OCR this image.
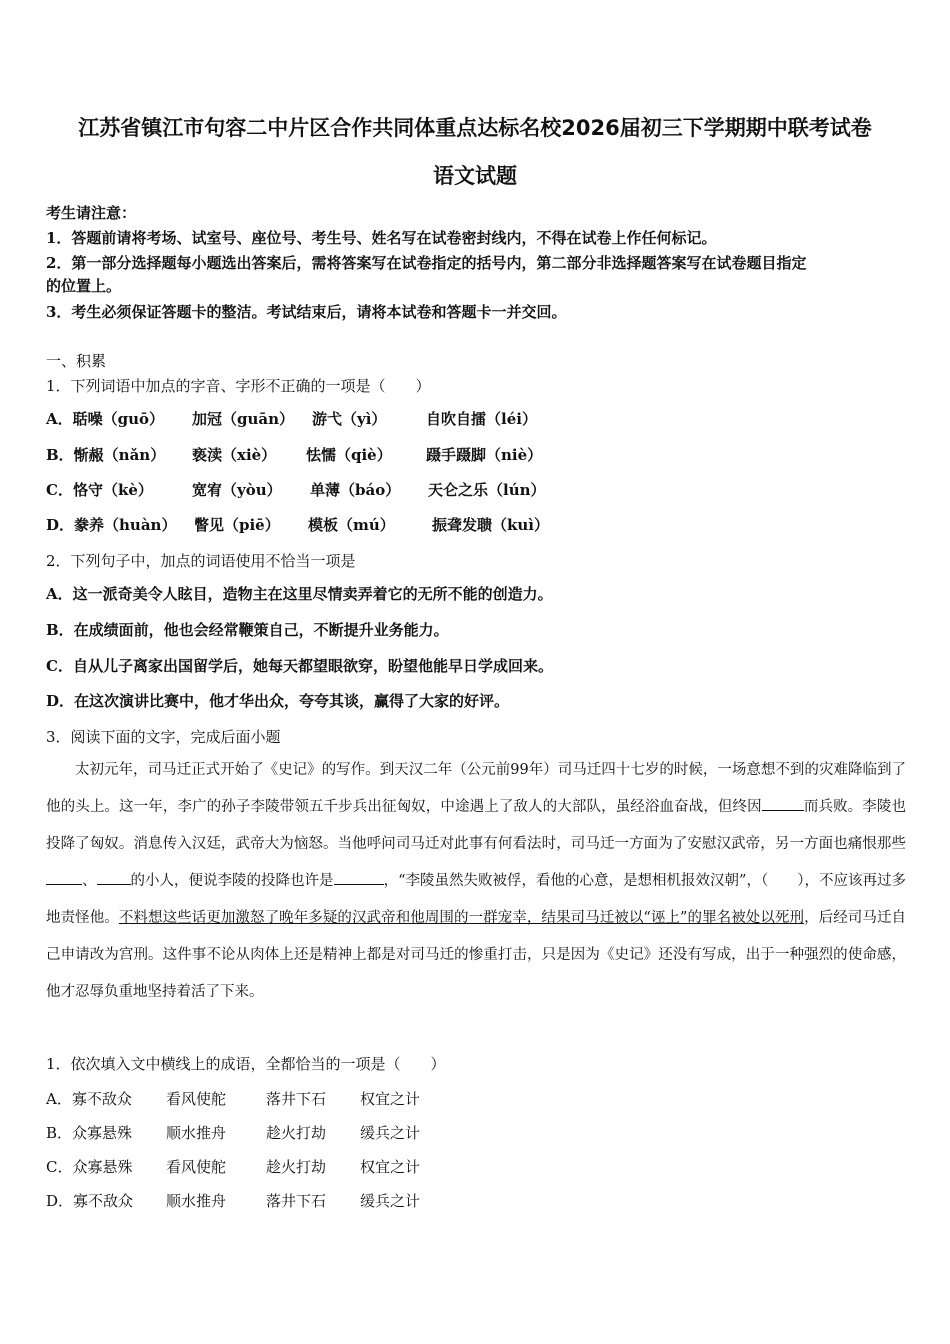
江苏省镇江市句容二中片区合作共同体重点达标名校2026届初三下学期期中联考试卷
语文试题
考生请注意：
1．答题前请将考场、试室号、座位号、考生号、姓名写在试卷密封线内，不得在试卷上作任何标记。
2．第一部分选择题每小题选出答案后，需将答案写在试卷指定的括号内，第二部分非选择题答案写在试卷题目指定
的位置上。
3．考生必须保证答题卡的整洁。考试结束后，请将本试卷和答题卡一并交回。
一、积累
1．下列词语中加点的字音、字形不正确的一项是（　　）
A．聒噪（guō） 加冠（guān） 游弋（yì）	自吹自擂（léi）
B．惭赧（nǎn） 亵渎（xiè） 怯懦（qiè） 蹑手蹑脚（niè）
C．恪守（kè）	宽宥（yòu） 单薄（báo） 天仑之乐（lún）
D．豢养（huàn） 瞥见（piē） 模板（mú） 振聋发聩（kuì）
2．下列句子中，加点的词语使用不恰当一项是
A．这一派奇美令人眩目，造物主在这里尽情卖弄着它的无所不能的创造力。
B．在成绩面前，他也会经常鞭策自己，不断提升业务能力。
C．自从儿子离家出国留学后，她每天都望眼欲穿，盼望他能早日学成回来。
D．在这次演讲比赛中，他才华出众，夸夸其谈，赢得了大家的好评。
3．阅读下面的文字，完成后面小题
太初元年，司马迁正式开始了《史记》的写作。到天汉二年（公元前99年）司马迁四十七岁的时候，一场意想不到的灾难降临到了他的头上。这一年，李广的孙子李陵带领五千步兵出征匈奴，中途遇上了敌人的大部队，虽经浴血奋战，但终因	而兵败。李陵也投降了匈奴。消息传入汉廷，武帝大为恼怒。当他呼问司马迁对此事有何看法时，司马迁一方面为了安慰汉武帝，另一方面也痛恨那些、 的小人，便说李陵的投降也许是	，“李陵虽然失败被俘，看他的心意，是想相机报效汉朝”，（　　），不应该再过多地责怪他。不料想这些话更加激怒了晚年多疑的汉武帝和他周围的一群宠幸，结果司马迁被以“诬上”的罪名被处以死刑，后经司马迁自己申请改为宫刑。这件事不论从肉体上还是精神上都是对司马迁的惨重打击，只是因为《史记》还没有写成，出于一种强烈的使命感，他才忍辱负重地坚持着活了下来。
1．依次填入文中横线上的成语，全都恰当的一项是（　　）
A．寡不敌众 看风使舵	落井下石 权宜之计
B．众寡悬殊 顺水推舟	趁火打劫 缓兵之计
C．众寡悬殊 看风使舵	趁火打劫 权宜之计
D．寡不敌众 顺水推舟	落井下石 缓兵之计
